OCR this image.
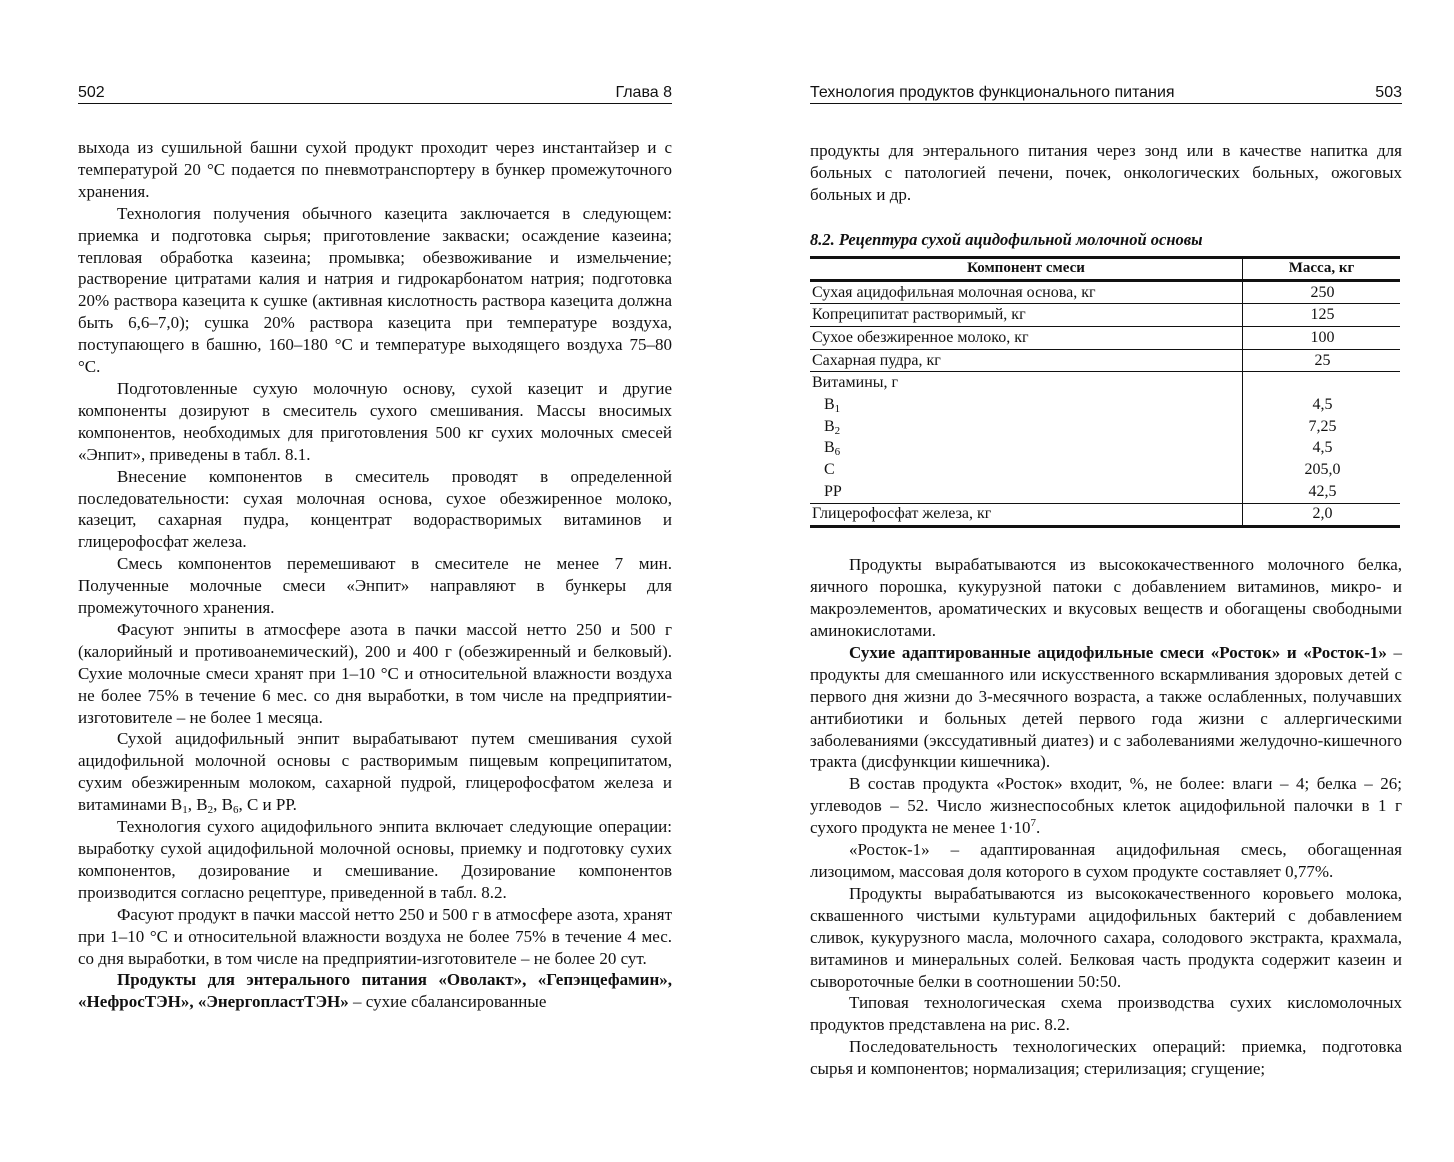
502	Глава 8

выхода из сушильной башни сухой продукт проходит через инстантайзер и с температурой 20 °С подается по пневмотранспортеру в бункер промежуточного хранения.

Технология получения обычного казецита заключается в следующем: приемка и подготовка сырья; приготовление закваски; осаждение казеина; тепловая обработка казеина; промывка; обезвоживание и измельчение; растворение цитратами калия и натрия и гидрокарбонатом натрия; подготовка 20% раствора казецита к сушке (активная кислотность раствора казецита должна быть 6,6–7,0); сушка 20% раствора казецита при температуре воздуха, поступающего в башню, 160–180 °С и температуре выходящего воздуха 75–80 °С.

Подготовленные сухую молочную основу, сухой казецит и другие компоненты дозируют в смеситель сухого смешивания. Массы вносимых компонентов, необходимых для приготовления 500 кг сухих молочных смесей «Энпит», приведены в табл. 8.1.

Внесение компонентов в смеситель проводят в определенной последовательности: сухая молочная основа, сухое обезжиренное молоко, казецит, сахарная пудра, концентрат водорастворимых витаминов и глицерофосфат железа.

Смесь компонентов перемешивают в смесителе не менее 7 мин. Полученные молочные смеси «Энпит» направляют в бункеры для промежуточного хранения.

Фасуют энпиты в атмосфере азота в пачки массой нетто 250 и 500 г (калорийный и противоанемический), 200 и 400 г (обезжиренный и белковый). Сухие молочные смеси хранят при 1–10 °С и относительной влажности воздуха не более 75% в течение 6 мес. со дня выработки, в том числе на предприятии-изготовителе – не более 1 месяца.

Сухой ацидофильный энпит вырабатывают путем смешивания сухой ацидофильной молочной основы с растворимым пищевым копреципитатом, сухим обезжиренным молоком, сахарной пудрой, глицерофосфатом железа и витаминами $B_1$, $B_2$, $B_6$, С и РР.

Технология сухого ацидофильного энпита включает следующие операции: выработку сухой ацидофильной молочной основы, приемку и подготовку сухих компонентов, дозирование и смешивание. Дозирование компонентов производится согласно рецептуре, приведенной в табл. 8.2.

Фасуют продукт в пачки массой нетто 250 и 500 г в атмосфере азота, хранят при 1–10 °С и относительной влажности воздуха не более 75% в течение 4 мес. со дня выработки, в том числе на предприятии-изготовителе – не более 20 сут.

Продукты для энтерального питания «Оволакт», «Гепэнцефамин», «НефросТЭН», «ЭнергопластТЭН» – сухие сбалансированные

Технология продуктов функционального питания	503

продукты для энтерального питания через зонд или в качестве напитка для больных с патологией печени, почек, онкологических больных, ожоговых больных и др.

8.2. Рецептура сухой ацидофильной молочной основы
Компонент смеси	Масса, кг
Сухая ацидофильная молочная основа, кг	250
Копреципитат растворимый, кг	125
Сухое обезжиренное молоко, кг	100
Сахарная пудра, кг	25
Витамины, г	
$B_1$	4,5
$B_2$	7,25
$B_6$	4,5
C	205,0
PP	42,5
Глицерофосфат железа, кг	2,0

Продукты вырабатываются из высококачественного молочного белка, яичного порошка, кукурузной патоки с добавлением витаминов, микро- и макроэлементов, ароматических и вкусовых веществ и обогащены свободными аминокислотами.

Сухие адаптированные ацидофильные смеси «Росток» и «Росток-1» – продукты для смешанного или искусственного вскармливания здоровых детей с первого дня жизни до 3-месячного возраста, а также ослабленных, получавших антибиотики и больных детей первого года жизни с аллергическими заболеваниями (экссудативный диатез) и с заболеваниями желудочно-кишечного тракта (дисфункции кишечника).

В состав продукта «Росток» входит, %, не более: влаги – 4; белка – 26; углеводов – 52. Число жизнеспособных клеток ацидофильной палочки в 1 г сухого продукта не менее $1\cdot 10^7$.

«Росток-1» – адаптированная ацидофильная смесь, обогащенная лизоцимом, массовая доля которого в сухом продукте составляет 0,77%.

Продукты вырабатываются из высококачественного коровьего молока, сквашенного чистыми культурами ацидофильных бактерий с добавлением сливок, кукурузного масла, молочного сахара, солодового экстракта, крахмала, витаминов и минеральных солей. Белковая часть продукта содержит казеин и сывороточные белки в соотношении 50:50.

Типовая технологическая схема производства сухих кисломолочных продуктов представлена на рис. 8.2.

Последовательность технологических операций: приемка, подготовка сырья и компонентов; нормализация; стерилизация; сгущение;
